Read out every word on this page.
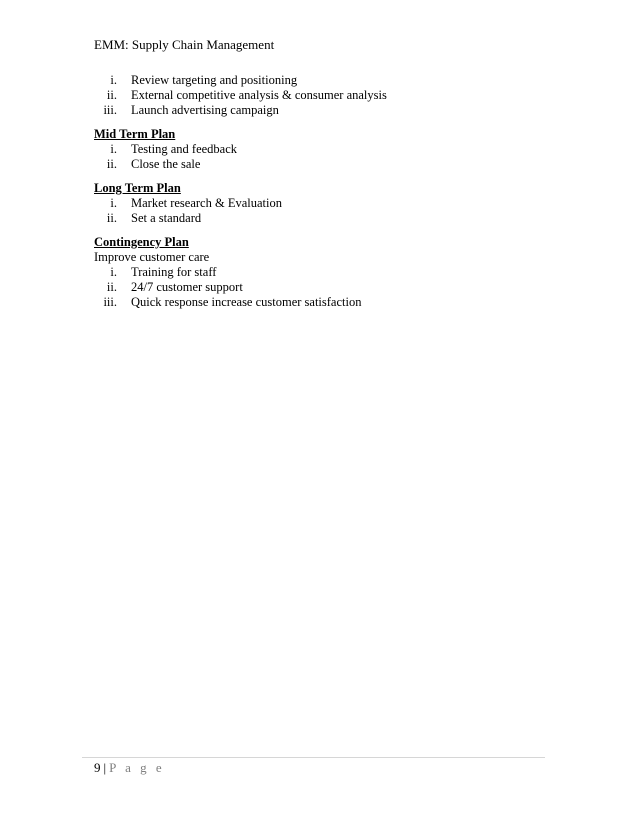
EMM: Supply Chain Management
i. Review targeting and positioning
ii. External competitive analysis & consumer analysis
iii. Launch advertising campaign
Mid Term Plan
i. Testing and feedback
ii. Close the sale
Long Term Plan
i. Market research & Evaluation
ii. Set a standard
Contingency Plan
Improve customer care
i. Training for staff
ii. 24/7 customer support
iii. Quick response increase customer satisfaction
9 | P a g e
